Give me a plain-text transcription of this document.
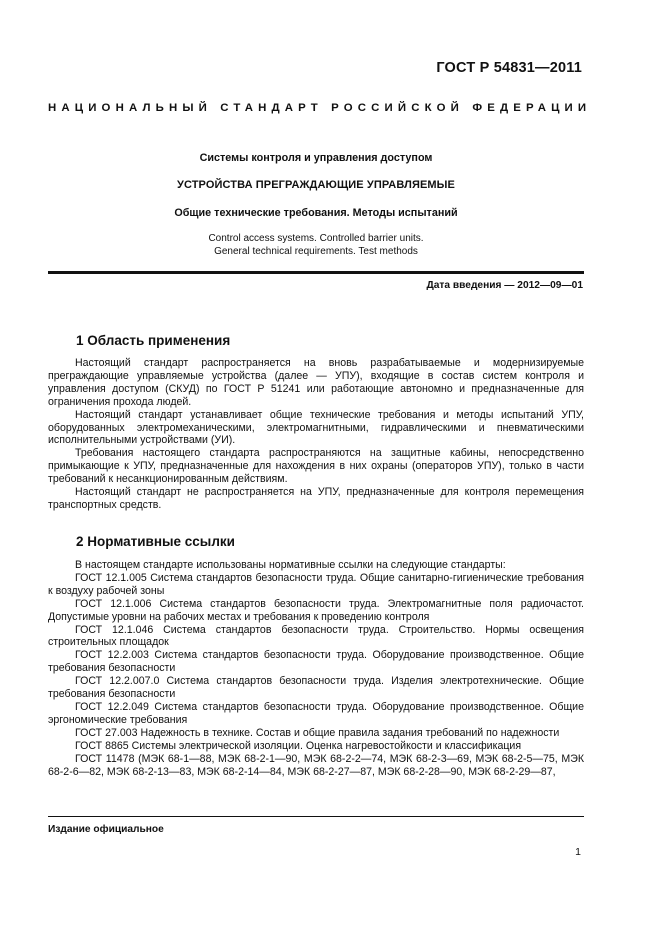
ГОСТ Р 54831—2011
НАЦИОНАЛЬНЫЙ СТАНДАРТ РОССИЙСКОЙ ФЕДЕРАЦИИ
Системы контроля и управления доступом
УСТРОЙСТВА ПРЕГРАЖДАЮЩИЕ УПРАВЛЯЕМЫЕ
Общие технические требования. Методы испытаний
Control access systems. Controlled barrier units.
General technical requirements. Test methods
Дата введения — 2012—09—01
1 Область применения

Настоящий стандарт распространяется на вновь разрабатываемые и модернизируемые преграждающие управляемые устройства (далее — УПУ), входящие в состав систем контроля и управления доступом (СКУД) по ГОСТ Р 51241 или работающие автономно и предназначенные для ограничения прохода людей.

Настоящий стандарт устанавливает общие технические требования и методы испытаний УПУ, оборудованных электромеханическими, электромагнитными, гидравлическими и пневматическими исполнительными устройствами (УИ).

Требования настоящего стандарта распространяются на защитные кабины, непосредственно примыкающие к УПУ, предназначенные для нахождения в них охраны (операторов УПУ), только в части требований к несанкционированным действиям.

Настоящий стандарт не распространяется на УПУ, предназначенные для контроля перемещения транспортных средств.

2 Нормативные ссылки

В настоящем стандарте использованы нормативные ссылки на следующие стандарты:

ГОСТ 12.1.005 Система стандартов безопасности труда. Общие санитарно-гигиенические требования к воздуху рабочей зоны

ГОСТ 12.1.006 Система стандартов безопасности труда. Электромагнитные поля радиочастот. Допустимые уровни на рабочих местах и требования к проведению контроля

ГОСТ 12.1.046 Система стандартов безопасности труда. Строительство. Нормы освещения строительных площадок

ГОСТ 12.2.003 Система стандартов безопасности труда. Оборудование производственное. Общие требования безопасности

ГОСТ 12.2.007.0 Система стандартов безопасности труда. Изделия электротехнические. Общие требования безопасности

ГОСТ 12.2.049 Система стандартов безопасности труда. Оборудование производственное. Общие эргономические требования

ГОСТ 27.003 Надежность в технике. Состав и общие правила задания требований по надежности

ГОСТ 8865 Системы электрической изоляции. Оценка нагревостойкости и классификация

ГОСТ 11478 (МЭК 68-1—88, МЭК 68-2-1—90, МЭК 68-2-2—74, МЭК 68-2-3—69, МЭК 68-2-5—75, МЭК 68-2-6—82, МЭК 68-2-13—83, МЭК 68-2-14—84, МЭК 68-2-27—87, МЭК 68-2-28—90, МЭК 68-2-29—87,

Издание официальное
1
